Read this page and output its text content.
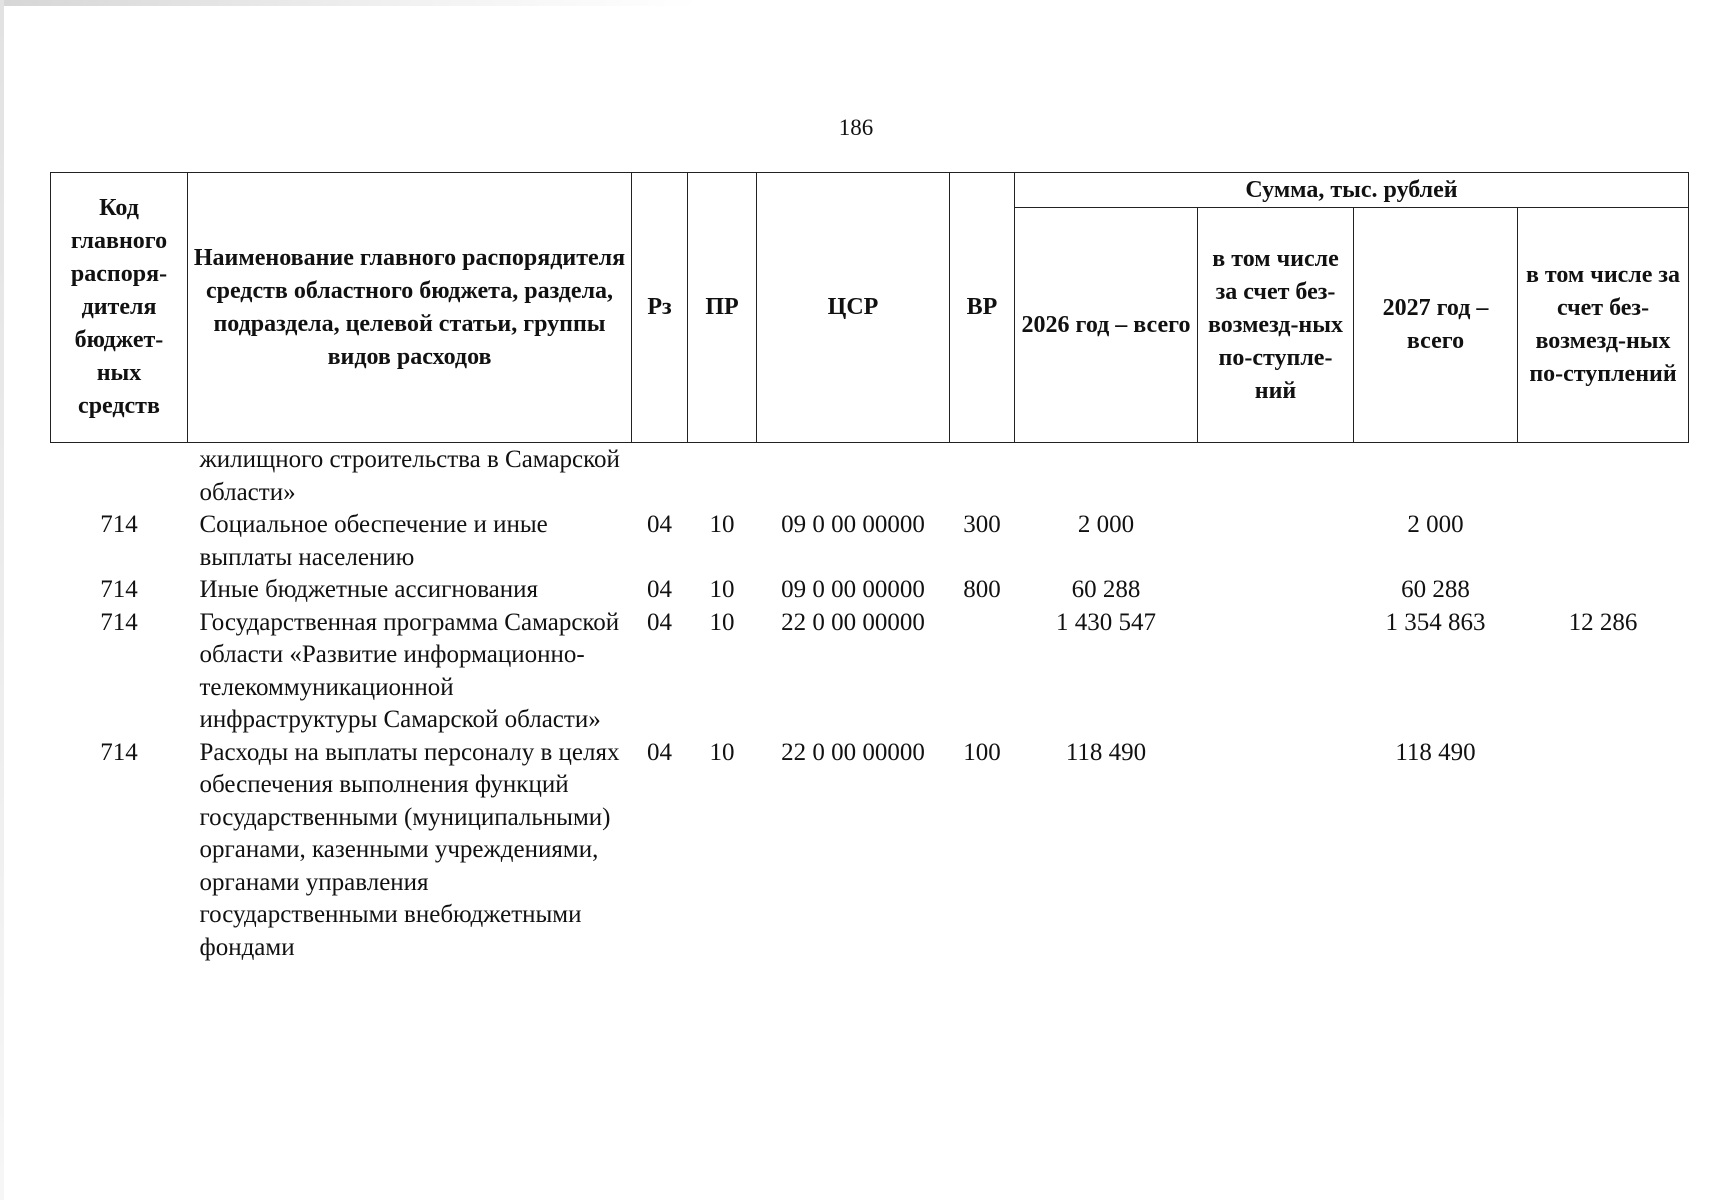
186
Код главного распоря-дителя бюджет-ных средств	Наименование главного распорядителя средств областного бюджета, раздела, подраздела, целевой статьи, группы видов расходов	Рз	ПР	ЦСР	ВР	Сумма, тыс. рублей			
						2026 год – всего	в том числе за счет без-возмезд-ных по-ступле-ний	2027 год – всего	в том числе за счет без-возмезд-ных по-ступлений
	жилищного строительства в Самарской области»								
714	Социальное обеспечение и иные выплаты населению	04	10	09 0 00 00000	300	2 000		2 000	
714	Иные бюджетные ассигнования	04	10	09 0 00 00000	800	60 288		60 288	
714	Государственная программа Самарской области «Развитие информационно-телекоммуникационной инфраструктуры Самарской области»	04	10	22 0 00 00000		1 430 547		1 354 863	12 286
714	Расходы на выплаты персоналу в целях обеспечения выполнения функций государственными (муниципальными) органами, казенными учреждениями, органами управления государственными внебюджетными фондами	04	10	22 0 00 00000	100	118 490		118 490	
